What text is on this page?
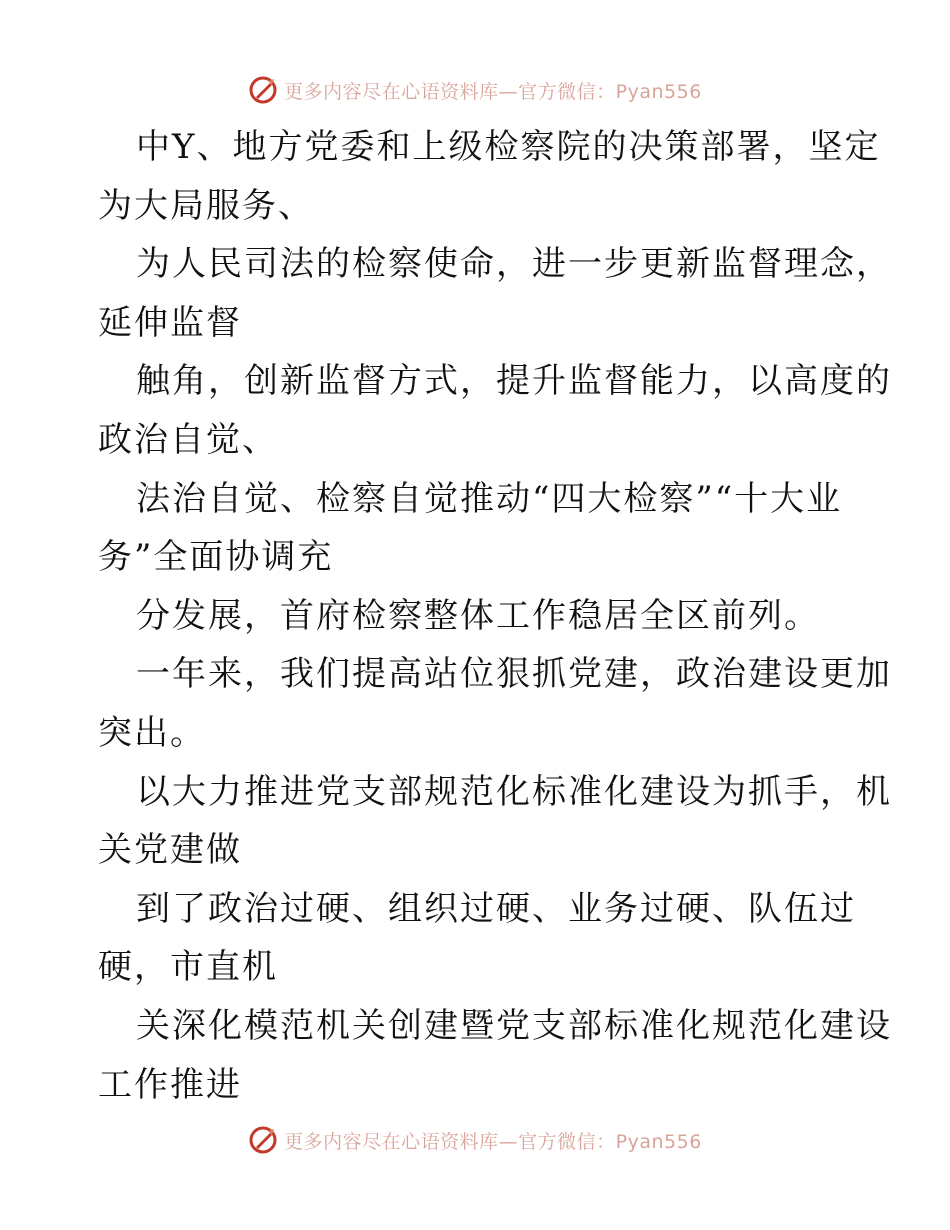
更多内容尽在心语资料库—官方微信：Pyan556
中Y、地方党委和上级检察院的决策部署，坚定
为大局服务、
为人民司法的检察使命，进一步更新监督理念，
延伸监督
触角，创新监督方式，提升监督能力，以高度的
政治自觉、
法治自觉、检察自觉推动“四大检察”“十大业
务”全面协调充
分发展，首府检察整体工作稳居全区前列。
一年来，我们提高站位狠抓党建，政治建设更加
突出。
以大力推进党支部规范化标准化建设为抓手，机
关党建做
到了政治过硬、组织过硬、业务过硬、队伍过
硬，市直机
关深化模范机关创建暨党支部标准化规范化建设
工作推进
更多内容尽在心语资料库—官方微信：Pyan556
